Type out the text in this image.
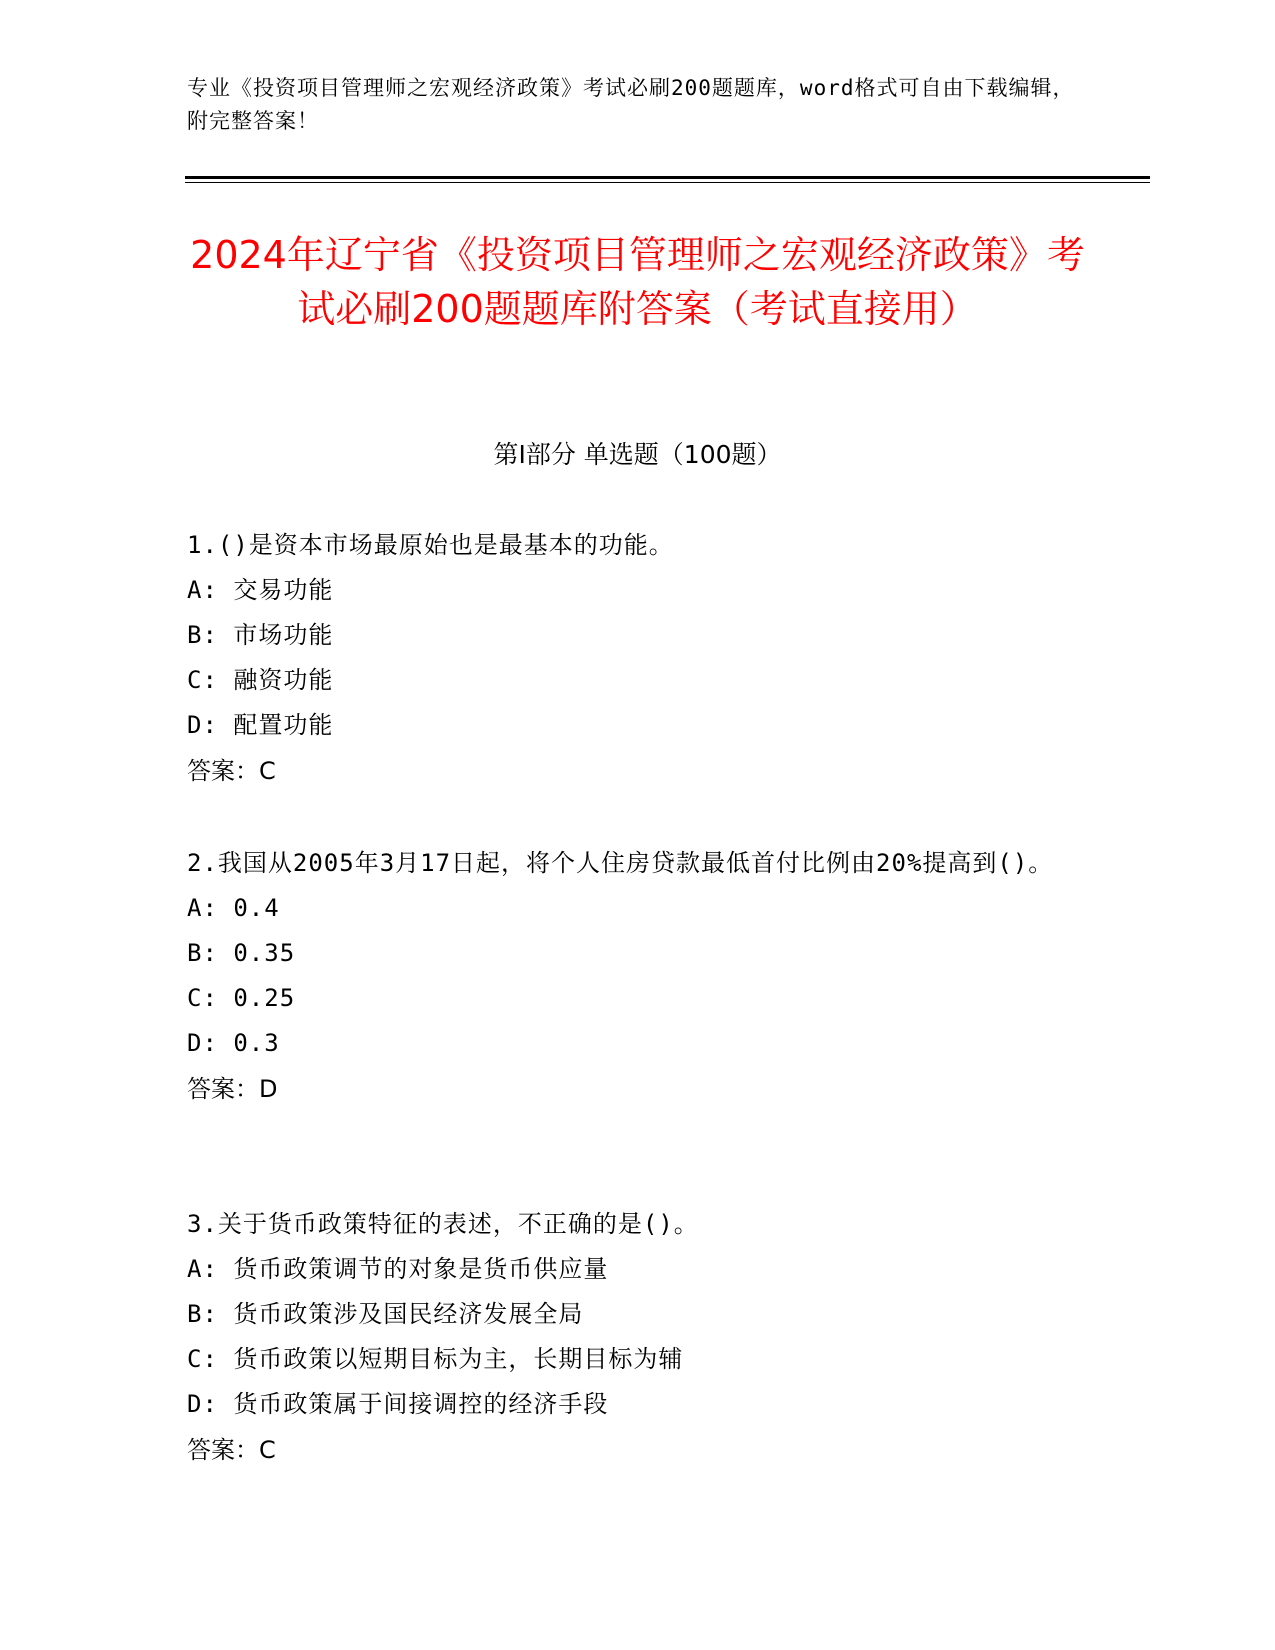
专业《投资项目管理师之宏观经济政策》考试必刷200题题库，word格式可自由下载编辑，附完整答案！
2024年辽宁省《投资项目管理师之宏观经济政策》考试必刷200题题库附答案（考试直接用）
第I部分 单选题（100题）
1.()是资本市场最原始也是最基本的功能。
A: 交易功能
B: 市场功能
C: 融资功能
D: 配置功能
答案：C
2.我国从2005年3月17日起，将个人住房贷款最低首付比例由20%提高到()。
A: 0.4
B: 0.35
C: 0.25
D: 0.3
答案：D
3.关于货币政策特征的表述，不正确的是()。
A: 货币政策调节的对象是货币供应量
B: 货币政策涉及国民经济发展全局
C: 货币政策以短期目标为主，长期目标为辅
D: 货币政策属于间接调控的经济手段
答案：C
